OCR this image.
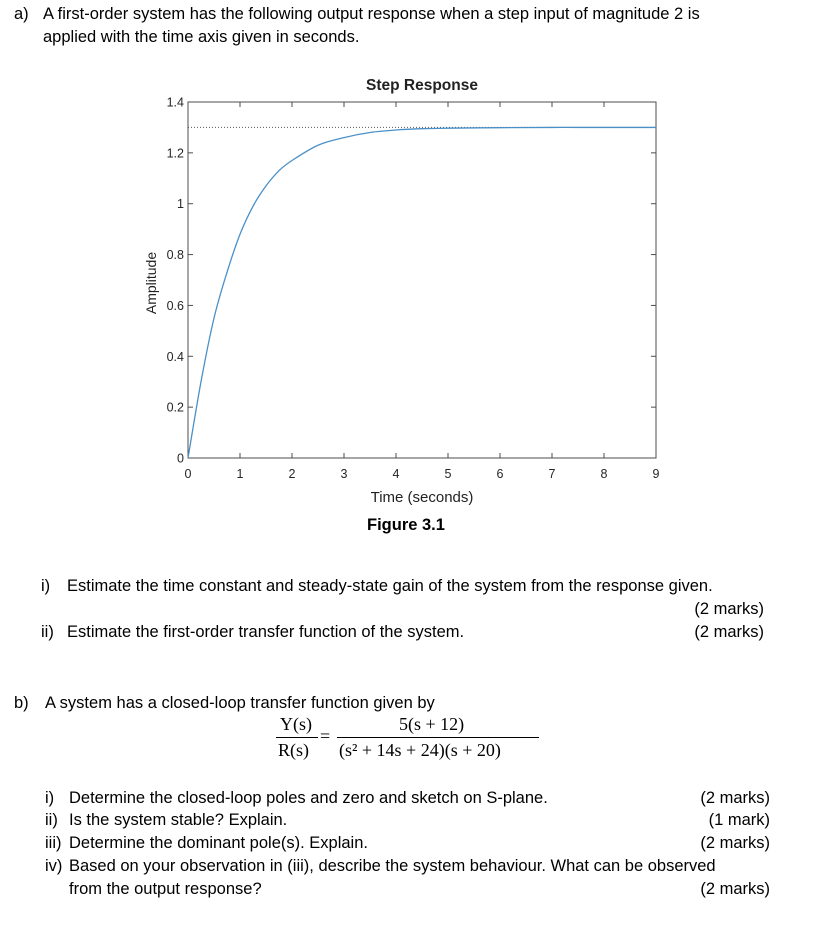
a) A first-order system has the following output response when a step input of magnitude 2 is
applied with the time axis given in seconds.
Step Response
0	1	2	3	4	5	6	7	8	9
0
0.2
0.4
0.6
0.8
1
1.2
1.4
Time (seconds)
Amplitude
Figure 3.1
i) Estimate the time constant and steady-state gain of the system from the response given.
(2 marks)
ii) Estimate the first-order transfer function of the system.	(2 marks)
b) A system has a closed-loop transfer function given by
Y(s)
R(s)
=
5(s + 12)
(s² + 14s + 24)(s + 20)
i) Determine the closed-loop poles and zero and sketch on S-plane.	(2 marks)
ii) Is the system stable? Explain.	(1 mark)
iii) Determine the dominant pole(s). Explain.	(2 marks)
iv) Based on your observation in (iii), describe the system behaviour. What can be observed
from the output response?	(2 marks)
